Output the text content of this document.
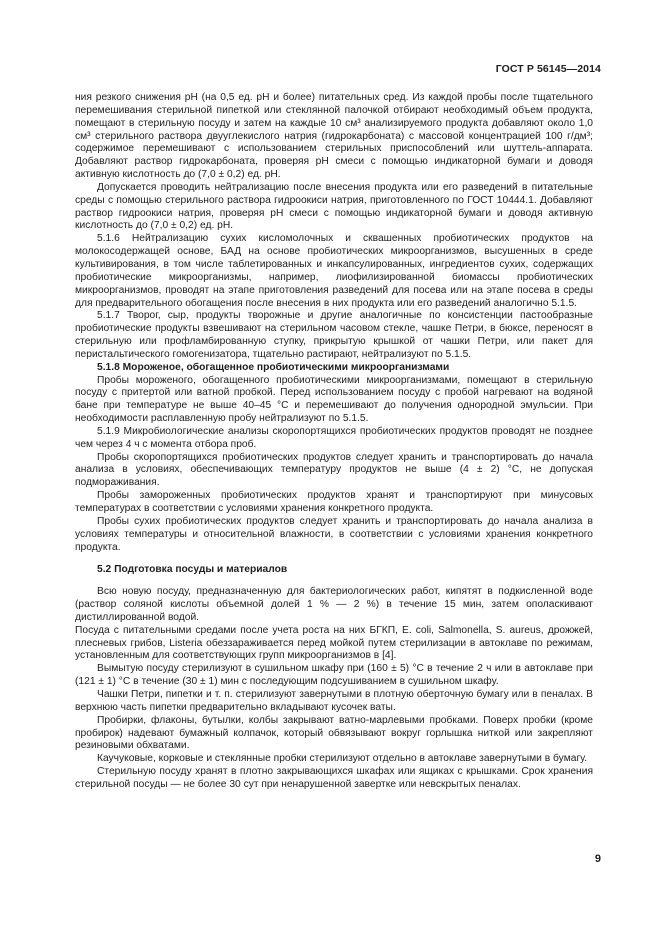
ГОСТ Р 56145—2014

ния резкого снижения рН (на 0,5 ед. рН и более) питательных сред. Из каждой пробы после тщательного перемешивания стерильной пипеткой или стеклянной палочкой отбирают необходимый объем продукта, помещают в стерильную посуду и затем на каждые 10 см³ анализируемого продукта добавляют около 1,0 см³ стерильного раствора двууглекислого натрия (гидрокарбоната) с массовой концентрацией 100 г/дм³; содержимое перемешивают с использованием стерильных приспособлений или шуттель-аппарата. Добавляют раствор гидрокарбоната, проверяя рН смеси с помощью индикаторной бумаги и доводя активную кислотность до (7,0 ± 0,2) ед. рН.

Допускается проводить нейтрализацию после внесения продукта или его разведений в питательные среды с помощью стерильного раствора гидроокиси натрия, приготовленного по ГОСТ 10444.1. Добавляют раствор гидроокиси натрия, проверяя рН смеси с помощью индикаторной бумаги и доводя активную кислотность до (7,0 ± 0,2) ед. рН.

5.1.6 Нейтрализацию сухих кисломолочных и сквашенных пробиотических продуктов на молокосодержащей основе, БАД на основе пробиотических микроорганизмов, высушенных в среде культивирования, в том числе таблетированных и инкапсулированных, ингредиентов сухих, содержащих пробиотические микроорганизмы, например, лиофилизированной биомассы пробиотических микроорганизмов, проводят на этапе приготовления разведений для посева или на этапе посева в среды для предварительного обогащения после внесения в них продукта или его разведений аналогично 5.1.5.

5.1.7 Творог, сыр, продукты творожные и другие аналогичные по консистенции пастообразные пробиотические продукты взвешивают на стерильном часовом стекле, чашке Петри, в бюксе, переносят в стерильную или профламбированную ступку, прикрытую крышкой от чашки Петри, или пакет для перистальтического гомогенизатора, тщательно растирают, нейтрализуют по 5.1.5.

5.1.8 Мороженое, обогащенное пробиотическими микроорганизмами

Пробы мороженого, обогащенного пробиотическими микроорганизмами, помещают в стерильную посуду с притертой или ватной пробкой. Перед использованием посуду с пробой нагревают на водяной бане при температуре не выше 40–45 °С и перемешивают до получения однородной эмульсии. При необходимости расплавленную пробу нейтрализуют по 5.1.5.

5.1.9 Микробиологические анализы скоропортящихся пробиотических продуктов проводят не позднее чем через 4 ч с момента отбора проб.

Пробы скоропортящихся пробиотических продуктов следует хранить и транспортировать до начала анализа в условиях, обеспечивающих температуру продуктов не выше (4 ± 2) °С, не допуская подмораживания.

Пробы замороженных пробиотических продуктов хранят и транспортируют при минусовых температурах в соответствии с условиями хранения конкретного продукта.

Пробы сухих пробиотических продуктов следует хранить и транспортировать до начала анализа в условиях температуры и относительной влажности, в соответствии с условиями хранения конкретного продукта.

5.2 Подготовка посуды и материалов

Всю новую посуду, предназначенную для бактериологических работ, кипятят в подкисленной воде (раствор соляной кислоты объемной долей 1 % — 2 %) в течение 15 мин, затем ополаскивают дистиллированной водой.

Посуда с питательными средами после учета роста на них БГКП, E. coli, Salmonella, S. aureus, дрожжей, плесневых грибов, Listeria обеззараживается перед мойкой путем стерилизации в автоклаве по режимам, установленным для соответствующих групп микроорганизмов в [4].

Вымытую посуду стерилизуют в сушильном шкафу при (160 ± 5) °С в течение 2 ч или в автоклаве при (121 ± 1) °С в течение (30 ± 1) мин с последующим подсушиванием в сушильном шкафу.

Чашки Петри, пипетки и т. п. стерилизуют завернутыми в плотную оберточную бумагу или в пеналах. В верхнюю часть пипетки предварительно вкладывают кусочек ваты.

Пробирки, флаконы, бутылки, колбы закрывают ватно-марлевыми пробками. Поверх пробки (кроме пробирок) надевают бумажный колпачок, который обвязывают вокруг горлышка ниткой или закрепляют резиновыми обхватами.

Каучуковые, корковые и стеклянные пробки стерилизуют отдельно в автоклаве завернутыми в бумагу.

Стерильную посуду хранят в плотно закрывающихся шкафах или ящиках с крышками. Срок хранения стерильной посуды — не более 30 сут при ненарушенной завертке или невскрытых пеналах.

9
